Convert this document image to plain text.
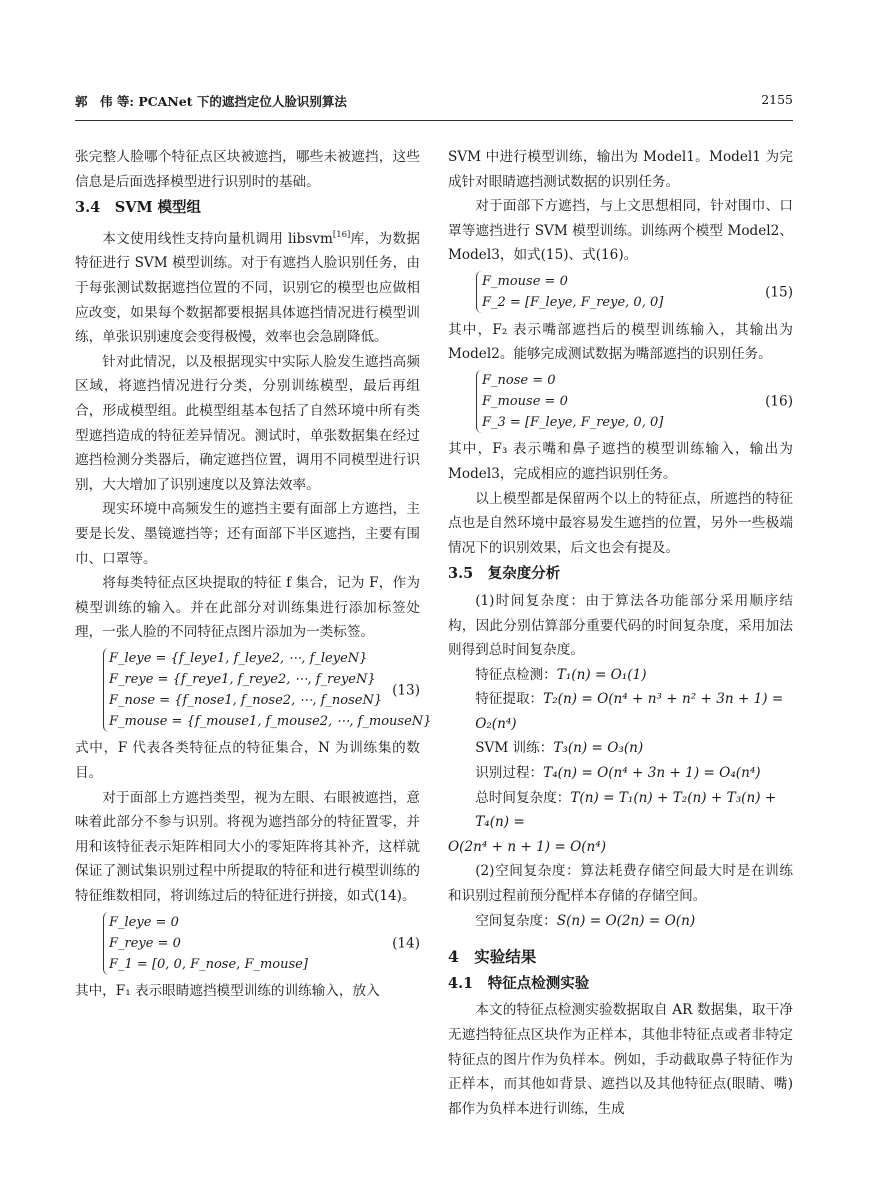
郭　伟 等: PCANet 下的遮挡定位人脸识别算法	2155

张完整人脸哪个特征点区块被遮挡，哪些未被遮挡，这些信息是后面选择模型进行识别时的基础。

3.4 SVM 模型组

本文使用线性支持向量机调用 libsvm[16]库，为数据特征进行 SVM 模型训练。对于有遮挡人脸识别任务，由于每张测试数据遮挡位置的不同，识别它的模型也应做相应改变，如果每个数据都要根据具体遮挡情况进行模型训练，单张识别速度会变得极慢，效率也会急剧降低。

针对此情况，以及根据现实中实际人脸发生遮挡高频区域，将遮挡情况进行分类，分别训练模型，最后再组合，形成模型组。此模型组基本包括了自然环境中所有类型遮挡造成的特征差异情况。测试时，单张数据集在经过遮挡检测分类器后，确定遮挡位置，调用不同模型进行识别，大大增加了识别速度以及算法效率。

现实环境中高频发生的遮挡主要有面部上方遮挡，主要是长发、墨镜遮挡等；还有面部下半区遮挡，主要有围巾、口罩等。

将每类特征点区块提取的特征 f 集合，记为 F，作为模型训练的输入。并在此部分对训练集进行添加标签处理，一张人脸的不同特征点图片添加为一类标签。

F_leye = {f_leye1, f_leye2, ⋯, f_leyeN}
F_reye = {f_reye1, f_reye2, ⋯, f_reyeN}
F_nose = {f_nose1, f_nose2, ⋯, f_noseN}
F_mouse = {f_mouse1, f_mouse2, ⋯, f_mouseN}
(13)

式中，F 代表各类特征点的特征集合，N 为训练集的数目。

对于面部上方遮挡类型，视为左眼、右眼被遮挡，意味着此部分不参与识别。将视为遮挡部分的特征置零，并用和该特征表示矩阵相同大小的零矩阵将其补齐，这样就保证了测试集识别过程中所提取的特征和进行模型训练的特征维数相同，将训练过后的特征进行拼接，如式(14)。

F_leye = 0
F_reye = 0
F_1 = [0, 0, F_nose, F_mouse]
(14)

其中，F₁ 表示眼睛遮挡模型训练的训练输入，放入

SVM 中进行模型训练，输出为 Model1。Model1 为完成针对眼睛遮挡测试数据的识别任务。

对于面部下方遮挡，与上文思想相同，针对围巾、口罩等遮挡进行 SVM 模型训练。训练两个模型 Model2、Model3，如式(15)、式(16)。

F_mouse = 0
F_2 = [F_leye, F_reye, 0, 0]
(15)

其中，F₂ 表示嘴部遮挡后的模型训练输入，其输出为 Model2。能够完成测试数据为嘴部遮挡的识别任务。

F_nose = 0
F_mouse = 0
F_3 = [F_leye, F_reye, 0, 0]
(16)

其中，F₃ 表示嘴和鼻子遮挡的模型训练输入，输出为 Model3，完成相应的遮挡识别任务。

以上模型都是保留两个以上的特征点，所遮挡的特征点也是自然环境中最容易发生遮挡的位置，另外一些极端情况下的识别效果，后文也会有提及。

3.5 复杂度分析

(1)时间复杂度：由于算法各功能部分采用顺序结构，因此分别估算部分重要代码的时间复杂度，采用加法则得到总时间复杂度。

特征点检测：T₁(n) = O₁(1)
特征提取：T₂(n) = O(n⁴ + n³ + n² + 3n + 1) = O₂(n⁴)
SVM 训练：T₃(n) = O₃(n)
识别过程：T₄(n) = O(n⁴ + 3n + 1) = O₄(n⁴)
总时间复杂度：T(n) = T₁(n) + T₂(n) + T₃(n) + T₄(n) =
O(2n⁴ + n + 1) = O(n⁴)

(2)空间复杂度：算法耗费存储空间最大时是在训练和识别过程前预分配样本存储的存储空间。

空间复杂度：S(n) = O(2n) = O(n)
4 实验结果
4.1 特征点检测实验

本文的特征点检测实验数据取自 AR 数据集，取干净无遮挡特征点区块作为正样本，其他非特征点或者非特定特征点的图片作为负样本。例如，手动截取鼻子特征作为正样本，而其他如背景、遮挡以及其他特征点(眼睛、嘴)都作为负样本进行训练，生成
